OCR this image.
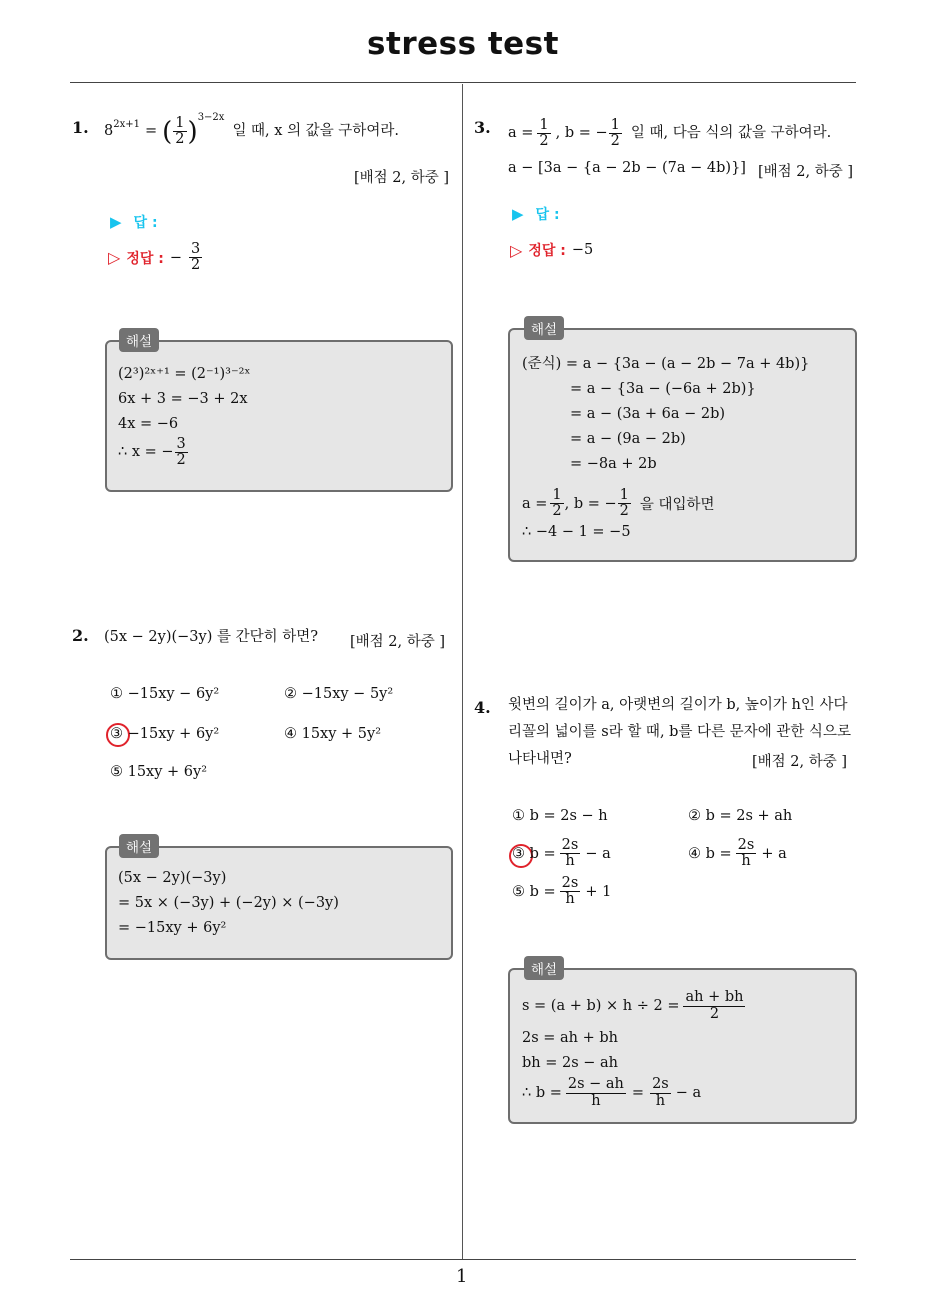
stress test
1
1. $8^{2x+1}$ = ( $\frac{1}{2} )^{3-2x}$
일 때, x 의 값을 구하여라.
[배점 2, 하중 ]
▶ 답 :
▷ 정답 : − $\frac{3}{2}$
해설
(2³)²ˣ⁺¹ = (2⁻¹)³⁻²ˣ
6x + 3 = −3 + 2x
4x = −6
∴ x = − $\frac{3}{2}$
2. (5x − 2y)(−3y) 를 간단히 하면? [배점 2, 하중 ]
① −15xy − 6y²	② −15xy − 5y²
③ −15xy + 6y²	④ 15xy + 5y²
⑤ 15xy + 6y²
해설
(5x − 2y)(−3y)
= 5x × (−3y) + (−2y) × (−3y)
= −15xy + 6y²
3. $a = \frac{1}{2}$ , b = − $\frac{1}{2}$ 일 때, 다음 식의 값을 구하여라.
a − [3a − {a − 2b − (7a − 4b)}] [배점 2, 하중 ]
▶ 답 :
▷ 정답 : −5
해설
(준식) = a − {3a − (a − 2b − 7a + 4b)}
= a − {3a − (−6a + 2b)}
= a − (3a + 6a − 2b)
= a − (9a − 2b)
= −8a + 2b
$a = \frac{1}{2}$ , b = − $\frac{1}{2}$ 을 대입하면
∴ −4 − 1 = −5
4. 윗변의 길이가 a, 아랫변의 길이가 b, 높이가 h인 사다
리꼴의 넓이를 s라 할 때, b를 다른 문자에 관한 식으로
나타내면?	[배점 2, 하중 ]
① b = 2s − h	② b = 2s + ah
③ $b = \frac{2s}{h} - a$	④ $b = \frac{2s}{h} + a$
⑤ $b = \frac{2s}{h} + 1$
해설
$s = (a + b) \times h \div 2 = \frac{ah + bh}{2}$
2s = ah + bh
bh = 2s − ah
∴ $b = \frac{2s - ah}{h} = \frac{2s}{h} - a$
